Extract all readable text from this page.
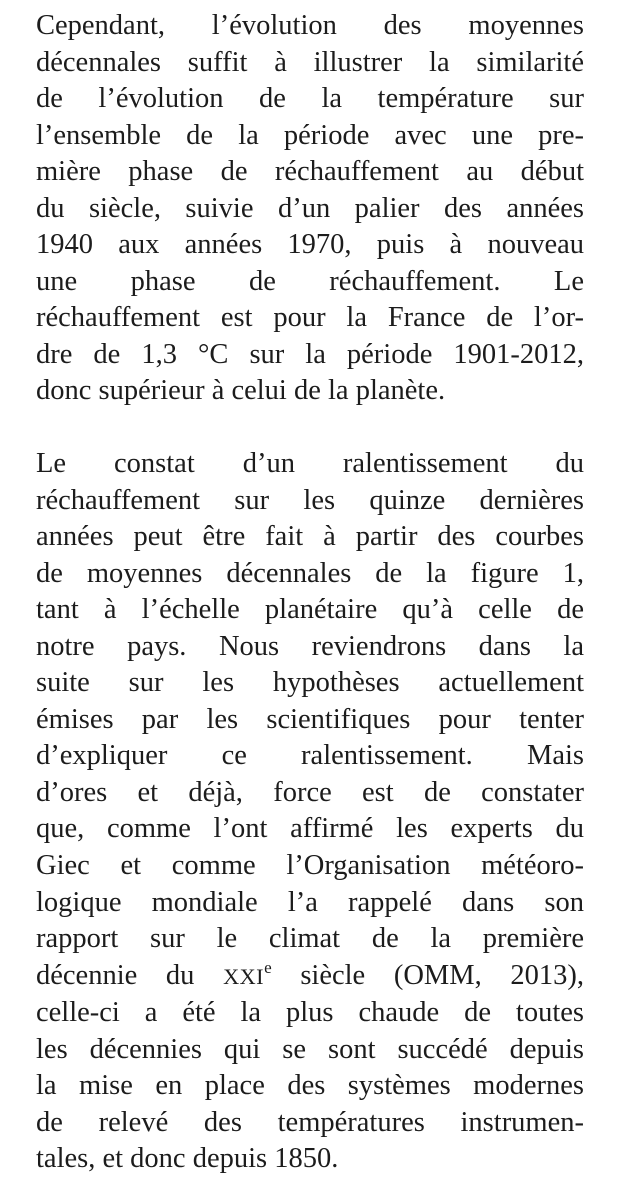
Cependant, l’évolution des moyennes
décennales suffit à illustrer la similarité
de l’évolution de la température sur
l’ensemble de la période avec une pre-
mière phase de réchauffement au début
du siècle, suivie d’un palier des années
1940 aux années 1970, puis à nouveau
une phase de réchauffement. Le
réchauffement est pour la France de l’or-
dre de 1,3 °C sur la période 1901-2012,
donc supérieur à celui de la planète.

Le constat d’un ralentissement du
réchauffement sur les quinze dernières
années peut être fait à partir des courbes
de moyennes décennales de la figure 1,
tant à l’échelle planétaire qu’à celle de
notre pays. Nous reviendrons dans la
suite sur les hypothèses actuellement
émises par les scientifiques pour tenter
d’expliquer ce ralentissement. Mais
d’ores et déjà, force est de constater
que, comme l’ont affirmé les experts du
Giec et comme l’Organisation météoro-
logique mondiale l’a rappelé dans son
rapport sur le climat de la première
décennie du XXIe siècle (OMM, 2013),
celle-ci a été la plus chaude de toutes
les décennies qui se sont succédé depuis
la mise en place des systèmes modernes
de relevé des températures instrumen-
tales, et donc depuis 1850.
